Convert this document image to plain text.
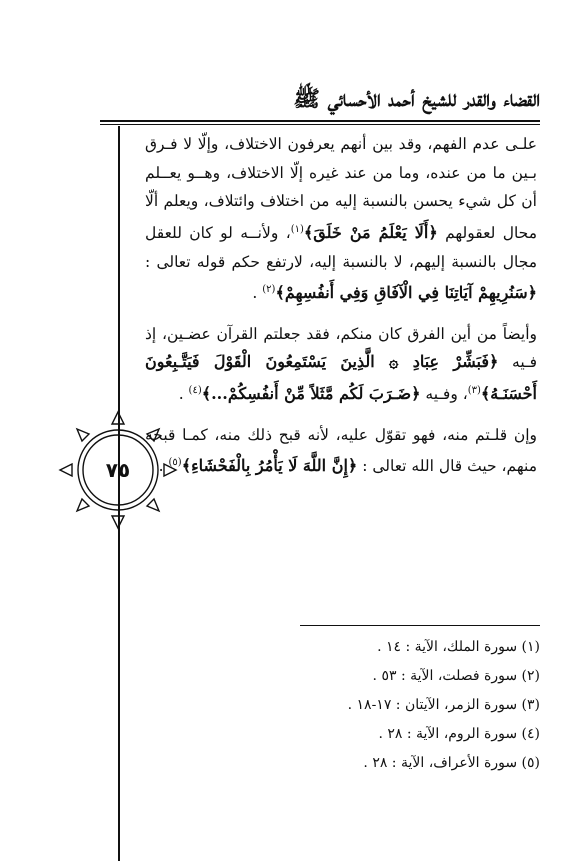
القضاء والقدر للشيخ أحمد الأحسائي ﷺ
٧٥

علـى عدم الفهم، وقد بين أنهم يعرفون الاختلاف، وإلّا لا فـرق بـين ما من عنده، وما من عند غيره إلّا الاختلاف، وهــو يعــلم أن كل شيء يحسن بالنسبة إليه من اختلاف وائتلاف، ويعلم ألّا محال لعقولهم ﴿أَلَا يَعْلَمُ مَنْ خَلَقَ﴾$^{(١)}$، ولأنــه لو كان للعقل مجال بالنسبة إليهم، لا بالنسبة إليه، لارتفع حكم قوله تعالى : ﴿سَنُرِيهِمْ آيَاتِنَا فِي الْآفَاقِ وَفِي أَنفُسِهِمْ﴾$^{(٢)}$ .

وأيضاً من أين الفرق كان منكم، فقد جعلتم القرآن عضـين، إذ فـيه ﴿فَبَشِّرْ عِبَادِ ۞ الَّذِينَ يَسْتَمِعُونَ الْقَوْلَ فَيَتَّـبِعُونَ أَحْسَنَـهُ﴾$^{(٣)}$، وفـيه ﴿ضَـرَبَ لَكُم مَّثَلاً مِّنْ أَنفُسِكُمْ...﴾$^{(٤)}$ .

وإن قلـتم منه، فهو تقوّل عليه، لأنه قبح ذلك منه، كمـا قبحه منهم، حيث قال الله تعالى : ﴿إِنَّ اللَّهَ لَا يَأْمُرُ بِالْفَحْشَاءِ﴾$^{(٥)}$ .

(١) سورة الملك، الآية : ١٤ .
(٢) سورة فصلت، الآية : ٥٣ .
(٣) سورة الزمر، الآيتان : ١٧-١٨ .
(٤) سورة الروم، الآية : ٢٨ .
(٥) سورة الأعراف، الآية : ٢٨ .
